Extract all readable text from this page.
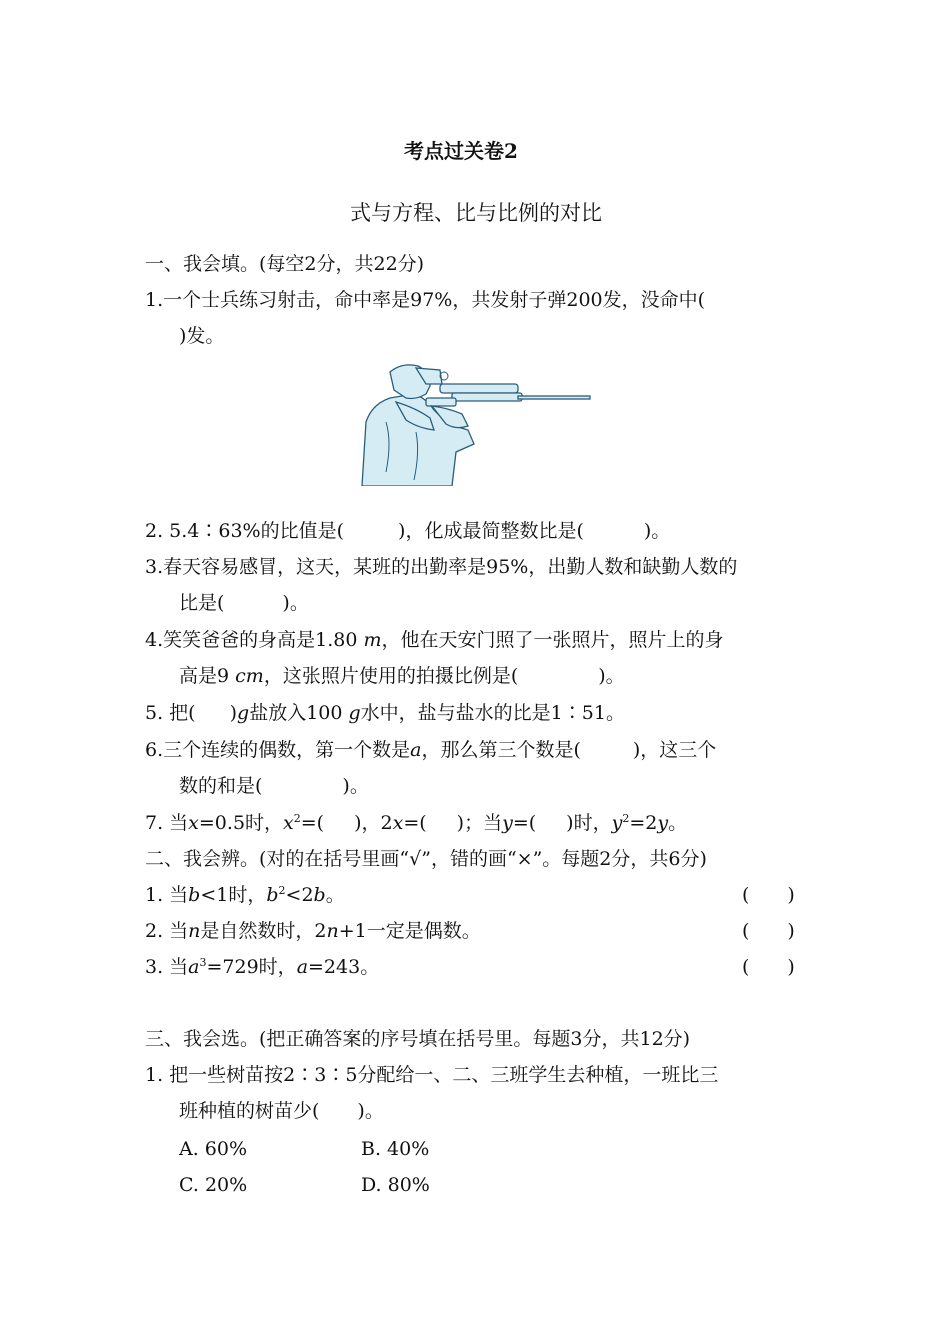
考点过关卷2
式与方程、比与比例的对比
一、我会填。(每空2分，共22分)
1.一个士兵练习射击，命中率是97%，共发射子弹200发，没命中(
)发。
2. 5.4∶63%的比值是(	)，化成最简整数比是(	)。
3.春天容易感冒，这天，某班的出勤率是95%，出勤人数和缺勤人数的
比是(	)。
4.笑笑爸爸的身高是1.80 m，他在天安门照了一张照片，照片上的身
高是9 cm，这张照片使用的拍摄比例是(	)。
5. 把( )g盐放入100 g水中，盐与盐水的比是1∶51。
6.三个连续的偶数，第一个数是a，那么第三个数是(	)，这三个
数的和是(	)。
7. 当x=0.5时，$x^2=$( )，2x=( )；当y=( )时，$y^2=2y$。
二、我会辨。(对的在括号里画“√”，错的画“×”。每题2分，共6分)
1. 当b<1时，$b^2<2b$。	(　　)
2. 当n是自然数时，2n+1一定是偶数。	(　　)
3. 当$a^3=729$时，a=243。	(　　)
三、我会选。(把正确答案的序号填在括号里。每题3分，共12分)
1. 把一些树苗按2∶3∶5分配给一、二、三班学生去种植，一班比三
班种植的树苗少(　　)。
A. 60%	B. 40%
C. 20%	D. 80%
